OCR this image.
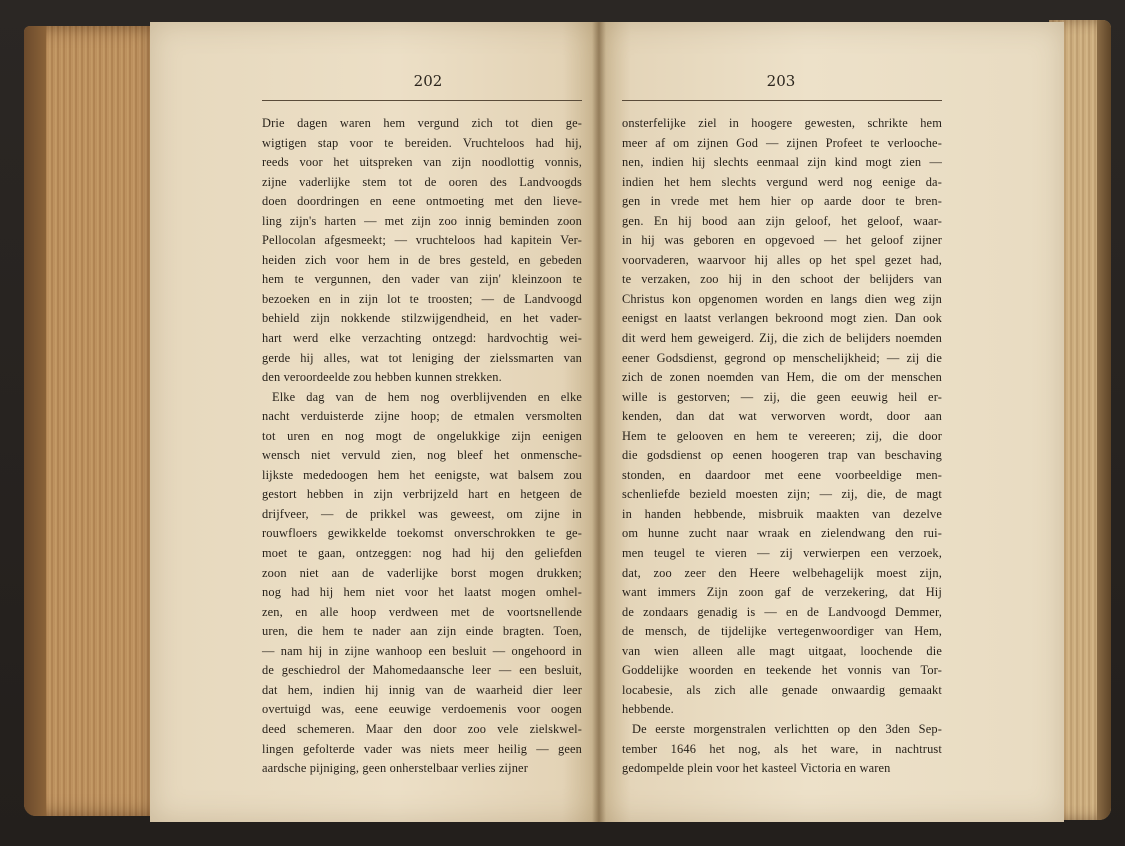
202
Drie dagen waren hem vergund zich tot dien ge-
wigtigen stap voor te bereiden. Vruchteloos had hij,
reeds voor het uitspreken van zijn noodlottig vonnis,
zijne vaderlijke stem tot de ooren des Landvoogds
doen doordringen en eene ontmoeting met den lieve-
ling zijn's harten — met zijn zoo innig beminden zoon
Pellocolan afgesmeekt; — vruchteloos had kapitein Ver-
heiden zich voor hem in de bres gesteld, en gebeden
hem te vergunnen, den vader van zijn' kleinzoon te
bezoeken en in zijn lot te troosten; — de Landvoogd
behield zijn nokkende stilzwijgendheid, en het vader-
hart werd elke verzachting ontzegd: hardvochtig wei-
gerde hij alles, wat tot leniging der zielssmarten van
den veroordeelde zou hebben kunnen strekken.
Elke dag van de hem nog overblijvenden en elke
nacht verduisterde zijne hoop; de etmalen versmolten
tot uren en nog mogt de ongelukkige zijn eenigen
wensch niet vervuld zien, nog bleef het onmensche-
lijkste mededoogen hem het eenigste, wat balsem zou
gestort hebben in zijn verbrijzeld hart en hetgeen de
drijfveer, — de prikkel was geweest, om zijne in
rouwfloers gewikkelde toekomst onverschrokken te ge-
moet te gaan, ontzeggen: nog had hij den geliefden
zoon niet aan de vaderlijke borst mogen drukken;
nog had hij hem niet voor het laatst mogen omhel-
zen, en alle hoop verdween met de voortsnellende
uren, die hem te nader aan zijn einde bragten. Toen,
— nam hij in zijne wanhoop een besluit — ongehoord in
de geschiedrol der Mahomedaansche leer — een besluit,
dat hem, indien hij innig van de waarheid dier leer
overtuigd was, eene eeuwige verdoemenis voor oogen
deed schemeren. Maar den door zoo vele zielskwel-
lingen gefolterde vader was niets meer heilig — geen
aardsche pijniging, geen onherstelbaar verlies zijner
203
onsterfelijke ziel in hoogere gewesten, schrikte hem
meer af om zijnen God — zijnen Profeet te verlooche-
nen, indien hij slechts eenmaal zijn kind mogt zien —
indien het hem slechts vergund werd nog eenige da-
gen in vrede met hem hier op aarde door te bren-
gen. En hij bood aan zijn geloof, het geloof, waar-
in hij was geboren en opgevoed — het geloof zijner
voorvaderen, waarvoor hij alles op het spel gezet had,
te verzaken, zoo hij in den schoot der belijders van
Christus kon opgenomen worden en langs dien weg zijn
eenigst en laatst verlangen bekroond mogt zien. Dan ook
dit werd hem geweigerd. Zij, die zich de belijders noemden
eener Godsdienst, gegrond op menschelijkheid; — zij die
zich de zonen noemden van Hem, die om der menschen
wille is gestorven; — zij, die geen eeuwig heil er-
kenden, dan dat wat verworven wordt, door aan
Hem te gelooven en hem te vereeren; zij, die door
die godsdienst op eenen hoogeren trap van beschaving
stonden, en daardoor met eene voorbeeldige men-
schenliefde bezield moesten zijn; — zij, die, de magt
in handen hebbende, misbruik maakten van dezelve
om hunne zucht naar wraak en zielendwang den rui-
men teugel te vieren — zij verwierpen een verzoek,
dat, zoo zeer den Heere welbehagelijk moest zijn,
want immers Zijn zoon gaf de verzekering, dat Hij
de zondaars genadig is — en de Landvoogd Demmer,
de mensch, de tijdelijke vertegenwoordiger van Hem,
van wien alleen alle magt uitgaat, loochende die
Goddelijke woorden en teekende het vonnis van Tor-
locabesie, als zich alle genade onwaardig gemaakt
hebbende.
De eerste morgenstralen verlichtten op den 3den Sep-
tember 1646 het nog, als het ware, in nachtrust
gedompelde plein voor het kasteel Victoria en waren
